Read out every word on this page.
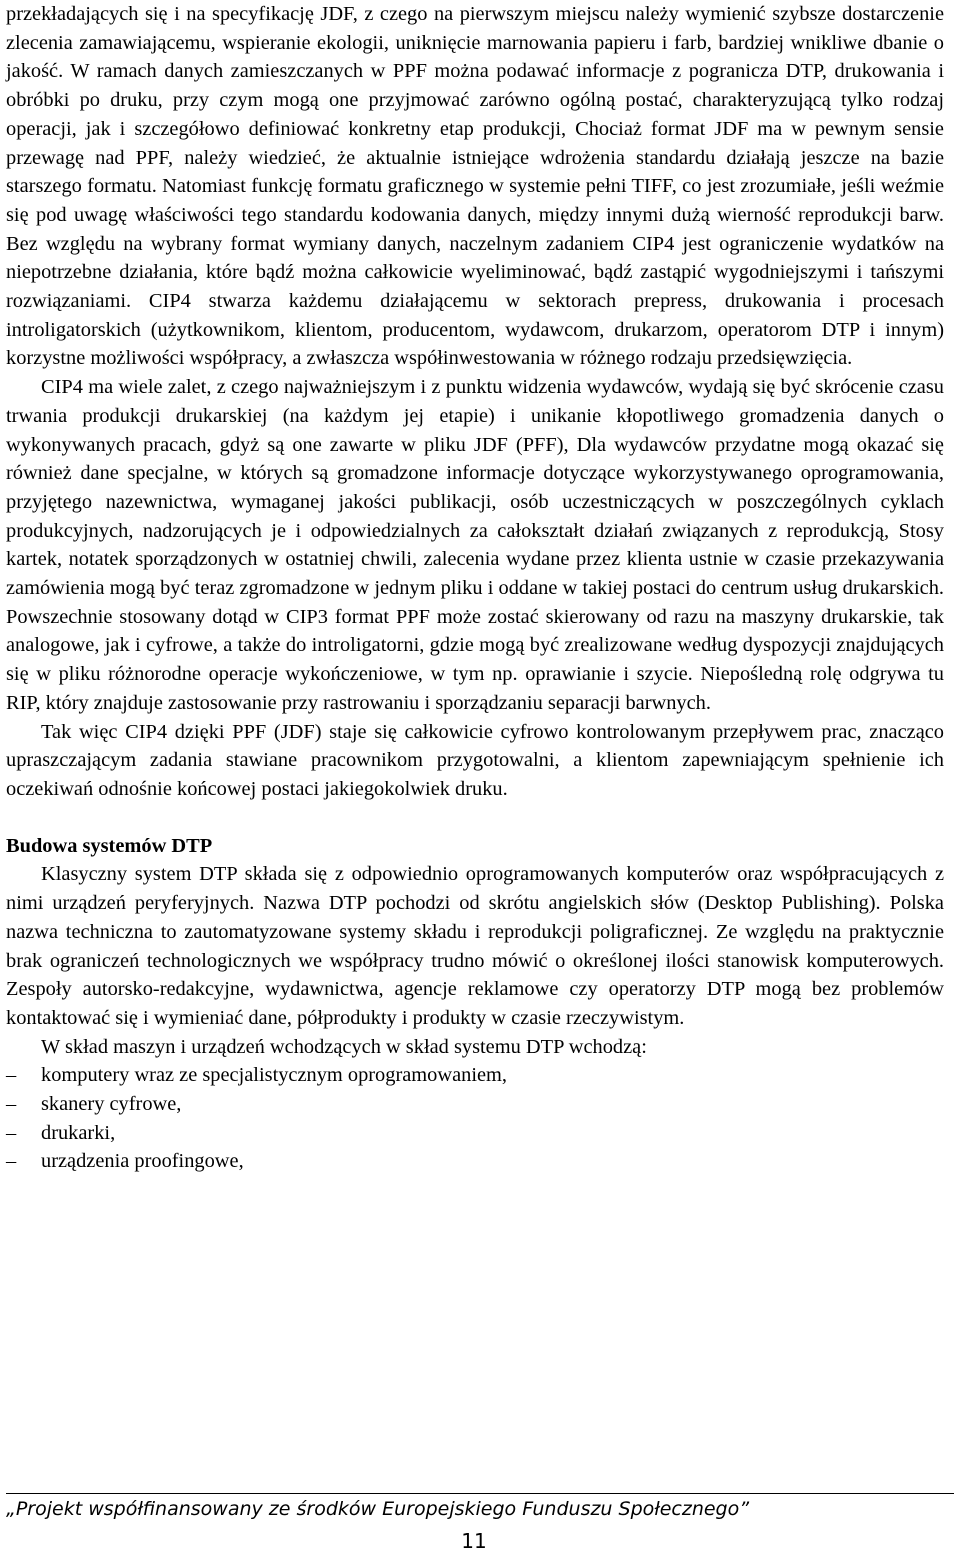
przekładających się i na specyfikację JDF, z czego na pierwszym miejscu należy wymienić szybsze dostarczenie zlecenia zamawiającemu, wspieranie ekologii, uniknięcie marnowania papieru i farb, bardziej wnikliwe dbanie o jakość. W ramach danych zamieszczanych w PPF można podawać informacje z pogranicza DTP, drukowania i obróbki po druku, przy czym mogą one przyjmować zarówno ogólną postać, charakteryzującą tylko rodzaj operacji, jak i szczegółowo definiować konkretny etap produkcji, Chociaż format JDF ma w pewnym sensie przewagę nad PPF, należy wiedzieć, że aktualnie istniejące wdrożenia standardu działają jeszcze na bazie starszego formatu. Natomiast funkcję formatu graficznego w systemie pełni TIFF, co jest zrozumiałe, jeśli weźmie się pod uwagę właściwości tego standardu kodowania danych, między innymi dużą wierność reprodukcji barw. Bez względu na wybrany format wymiany danych, naczelnym zadaniem CIP4 jest ograniczenie wydatków na niepotrzebne działania, które bądź można całkowicie wyeliminować, bądź zastąpić wygodniejszymi i tańszymi rozwiązaniami. CIP4 stwarza każdemu działającemu w sektorach prepress, drukowania i procesach introligatorskich (użytkownikom, klientom, producentom, wydawcom, drukarzom, operatorom DTP i innym) korzystne możliwości współpracy, a zwłaszcza współinwestowania w różnego rodzaju przedsięwzięcia.

CIP4 ma wiele zalet, z czego najważniejszym i z punktu widzenia wydawców, wydają się być skrócenie czasu trwania produkcji drukarskiej (na każdym jej etapie) i unikanie kłopotliwego gromadzenia danych o wykonywanych pracach, gdyż są one zawarte w pliku JDF (PFF), Dla wydawców przydatne mogą okazać się również dane specjalne, w których są gromadzone informacje dotyczące wykorzystywanego oprogramowania, przyjętego nazewnictwa, wymaganej jakości publikacji, osób uczestniczących w poszczególnych cyklach produkcyjnych, nadzorujących je i odpowiedzialnych za całokształt działań związanych z reprodukcją, Stosy kartek, notatek sporządzonych w ostatniej chwili, zalecenia wydane przez klienta ustnie w czasie przekazywania zamówienia mogą być teraz zgromadzone w jednym pliku i oddane w takiej postaci do centrum usług drukarskich. Powszechnie stosowany dotąd w CIP3 format PPF może zostać skierowany od razu na maszyny drukarskie, tak analogowe, jak i cyfrowe, a także do introligatorni, gdzie mogą być zrealizowane według dyspozycji znajdujących się w pliku różnorodne operacje wykończeniowe, w tym np. oprawianie i szycie. Niepośledną rolę odgrywa tu RIP, który znajduje zastosowanie przy rastrowaniu i sporządzaniu separacji barwnych.

Tak więc CIP4 dzięki PPF (JDF) staje się całkowicie cyfrowo kontrolowanym przepływem prac, znacząco upraszczającym zadania stawiane pracownikom przygotowalni, a klientom zapewniającym spełnienie ich oczekiwań odnośnie końcowej postaci jakiegokolwiek druku.

Budowa systemów DTP

Klasyczny system DTP składa się z odpowiednio oprogramowanych komputerów oraz współpracujących z nimi urządzeń peryferyjnych. Nazwa DTP pochodzi od skrótu angielskich słów (Desktop Publishing). Polska nazwa techniczna to zautomatyzowane systemy składu i reprodukcji poligraficznej. Ze względu na praktycznie brak ograniczeń technologicznych we współpracy trudno mówić o określonej ilości stanowisk komputerowych. Zespoły autorsko-redakcyjne, wydawnictwa, agencje reklamowe czy operatorzy DTP mogą bez problemów kontaktować się i wymieniać dane, półprodukty i produkty w czasie rzeczywistym.

W skład maszyn i urządzeń wchodzących w skład systemu DTP wchodzą:

– komputery wraz ze specjalistycznym oprogramowaniem,
– skanery cyfrowe,
– drukarki,
– urządzenia proofingowe,
„Projekt współfinansowany ze środków Europejskiego Funduszu Społecznego”
11
